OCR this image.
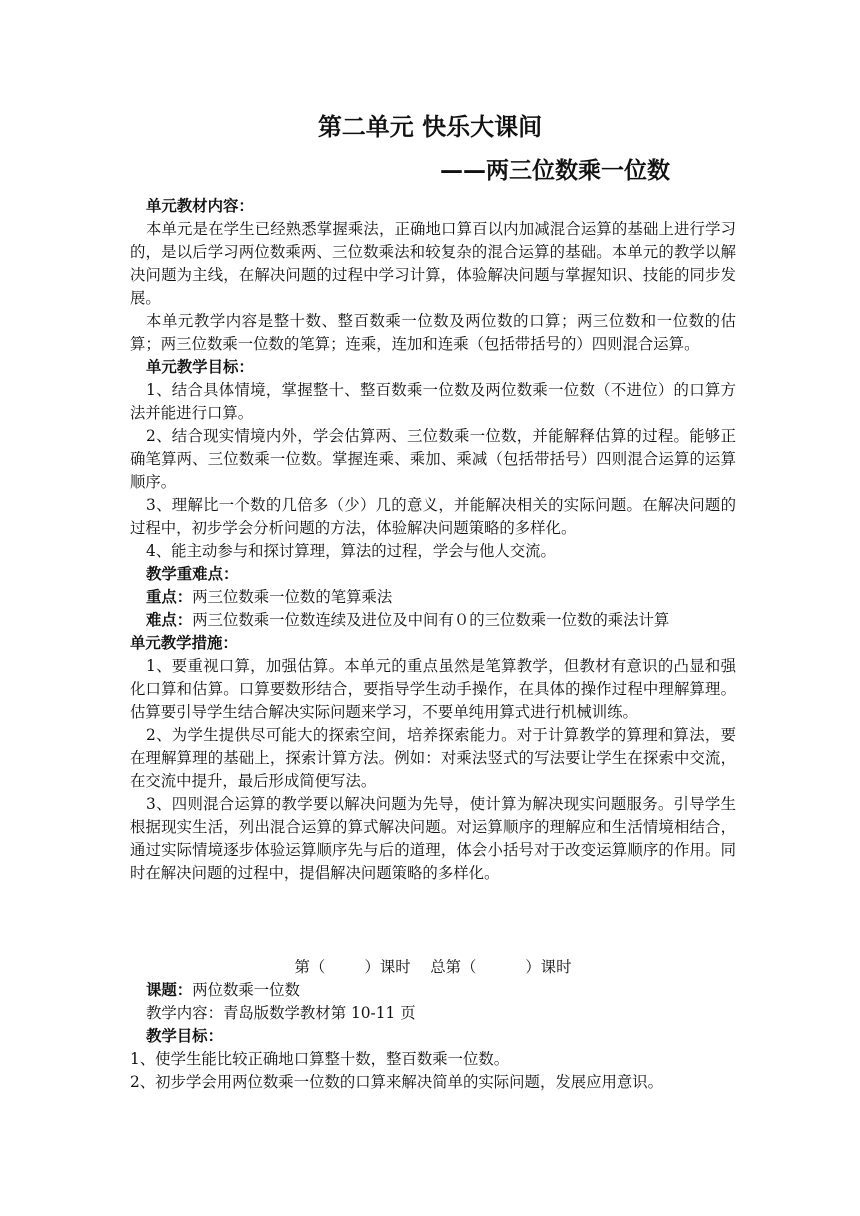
第二单元 快乐大课间
——两三位数乘一位数

单元教材内容：

本单元是在学生已经熟悉掌握乘法，正确地口算百以内加减混合运算的基础上进行学习的，是以后学习两位数乘两、三位数乘法和较复杂的混合运算的基础。本单元的教学以解决问题为主线，在解决问题的过程中学习计算，体验解决问题与掌握知识、技能的同步发展。

本单元教学内容是整十数、整百数乘一位数及两位数的口算；两三位数和一位数的估算；两三位数乘一位数的笔算；连乘，连加和连乘（包括带括号的）四则混合运算。

单元教学目标：

1、结合具体情境，掌握整十、整百数乘一位数及两位数乘一位数（不进位）的口算方法并能进行口算。

2、结合现实情境内外，学会估算两、三位数乘一位数，并能解释估算的过程。能够正确笔算两、三位数乘一位数。掌握连乘、乘加、乘减（包括带括号）四则混合运算的运算顺序。

3、理解比一个数的几倍多（少）几的意义，并能解决相关的实际问题。在解决问题的过程中，初步学会分析问题的方法，体验解决问题策略的多样化。

4、能主动参与和探讨算理，算法的过程，学会与他人交流。

教学重难点：

重点：两三位数乘一位数的笔算乘法

难点：两三位数乘一位数连续及进位及中间有０的三位数乘一位数的乘法计算

单元教学措施：

1、要重视口算，加强估算。本单元的重点虽然是笔算教学，但教材有意识的凸显和强化口算和估算。口算要数形结合，要指导学生动手操作，在具体的操作过程中理解算理。估算要引导学生结合解决实际问题来学习，不要单纯用算式进行机械训练。

2、为学生提供尽可能大的探索空间，培养探索能力。对于计算教学的算理和算法，要在理解算理的基础上，探索计算方法。例如：对乘法竖式的写法要让学生在探索中交流，在交流中提升，最后形成简便写法。

3、四则混合运算的教学要以解决问题为先导，使计算为解决现实问题服务。引导学生根据现实生活，列出混合运算的算式解决问题。对运算顺序的理解应和生活情境相结合，通过实际情境逐步体验运算顺序先与后的道理，体会小括号对于改变运算顺序的作用。同时在解决问题的过程中，提倡解决问题策略的多样化。

第（        ）课时    总第（          ）课时

课题：两位数乘一位数

教学内容：青岛版数学教材第 10-11 页

教学目标：

1、使学生能比较正确地口算整十数，整百数乘一位数。

2、初步学会用两位数乘一位数的口算来解决简单的实际问题，发展应用意识。
